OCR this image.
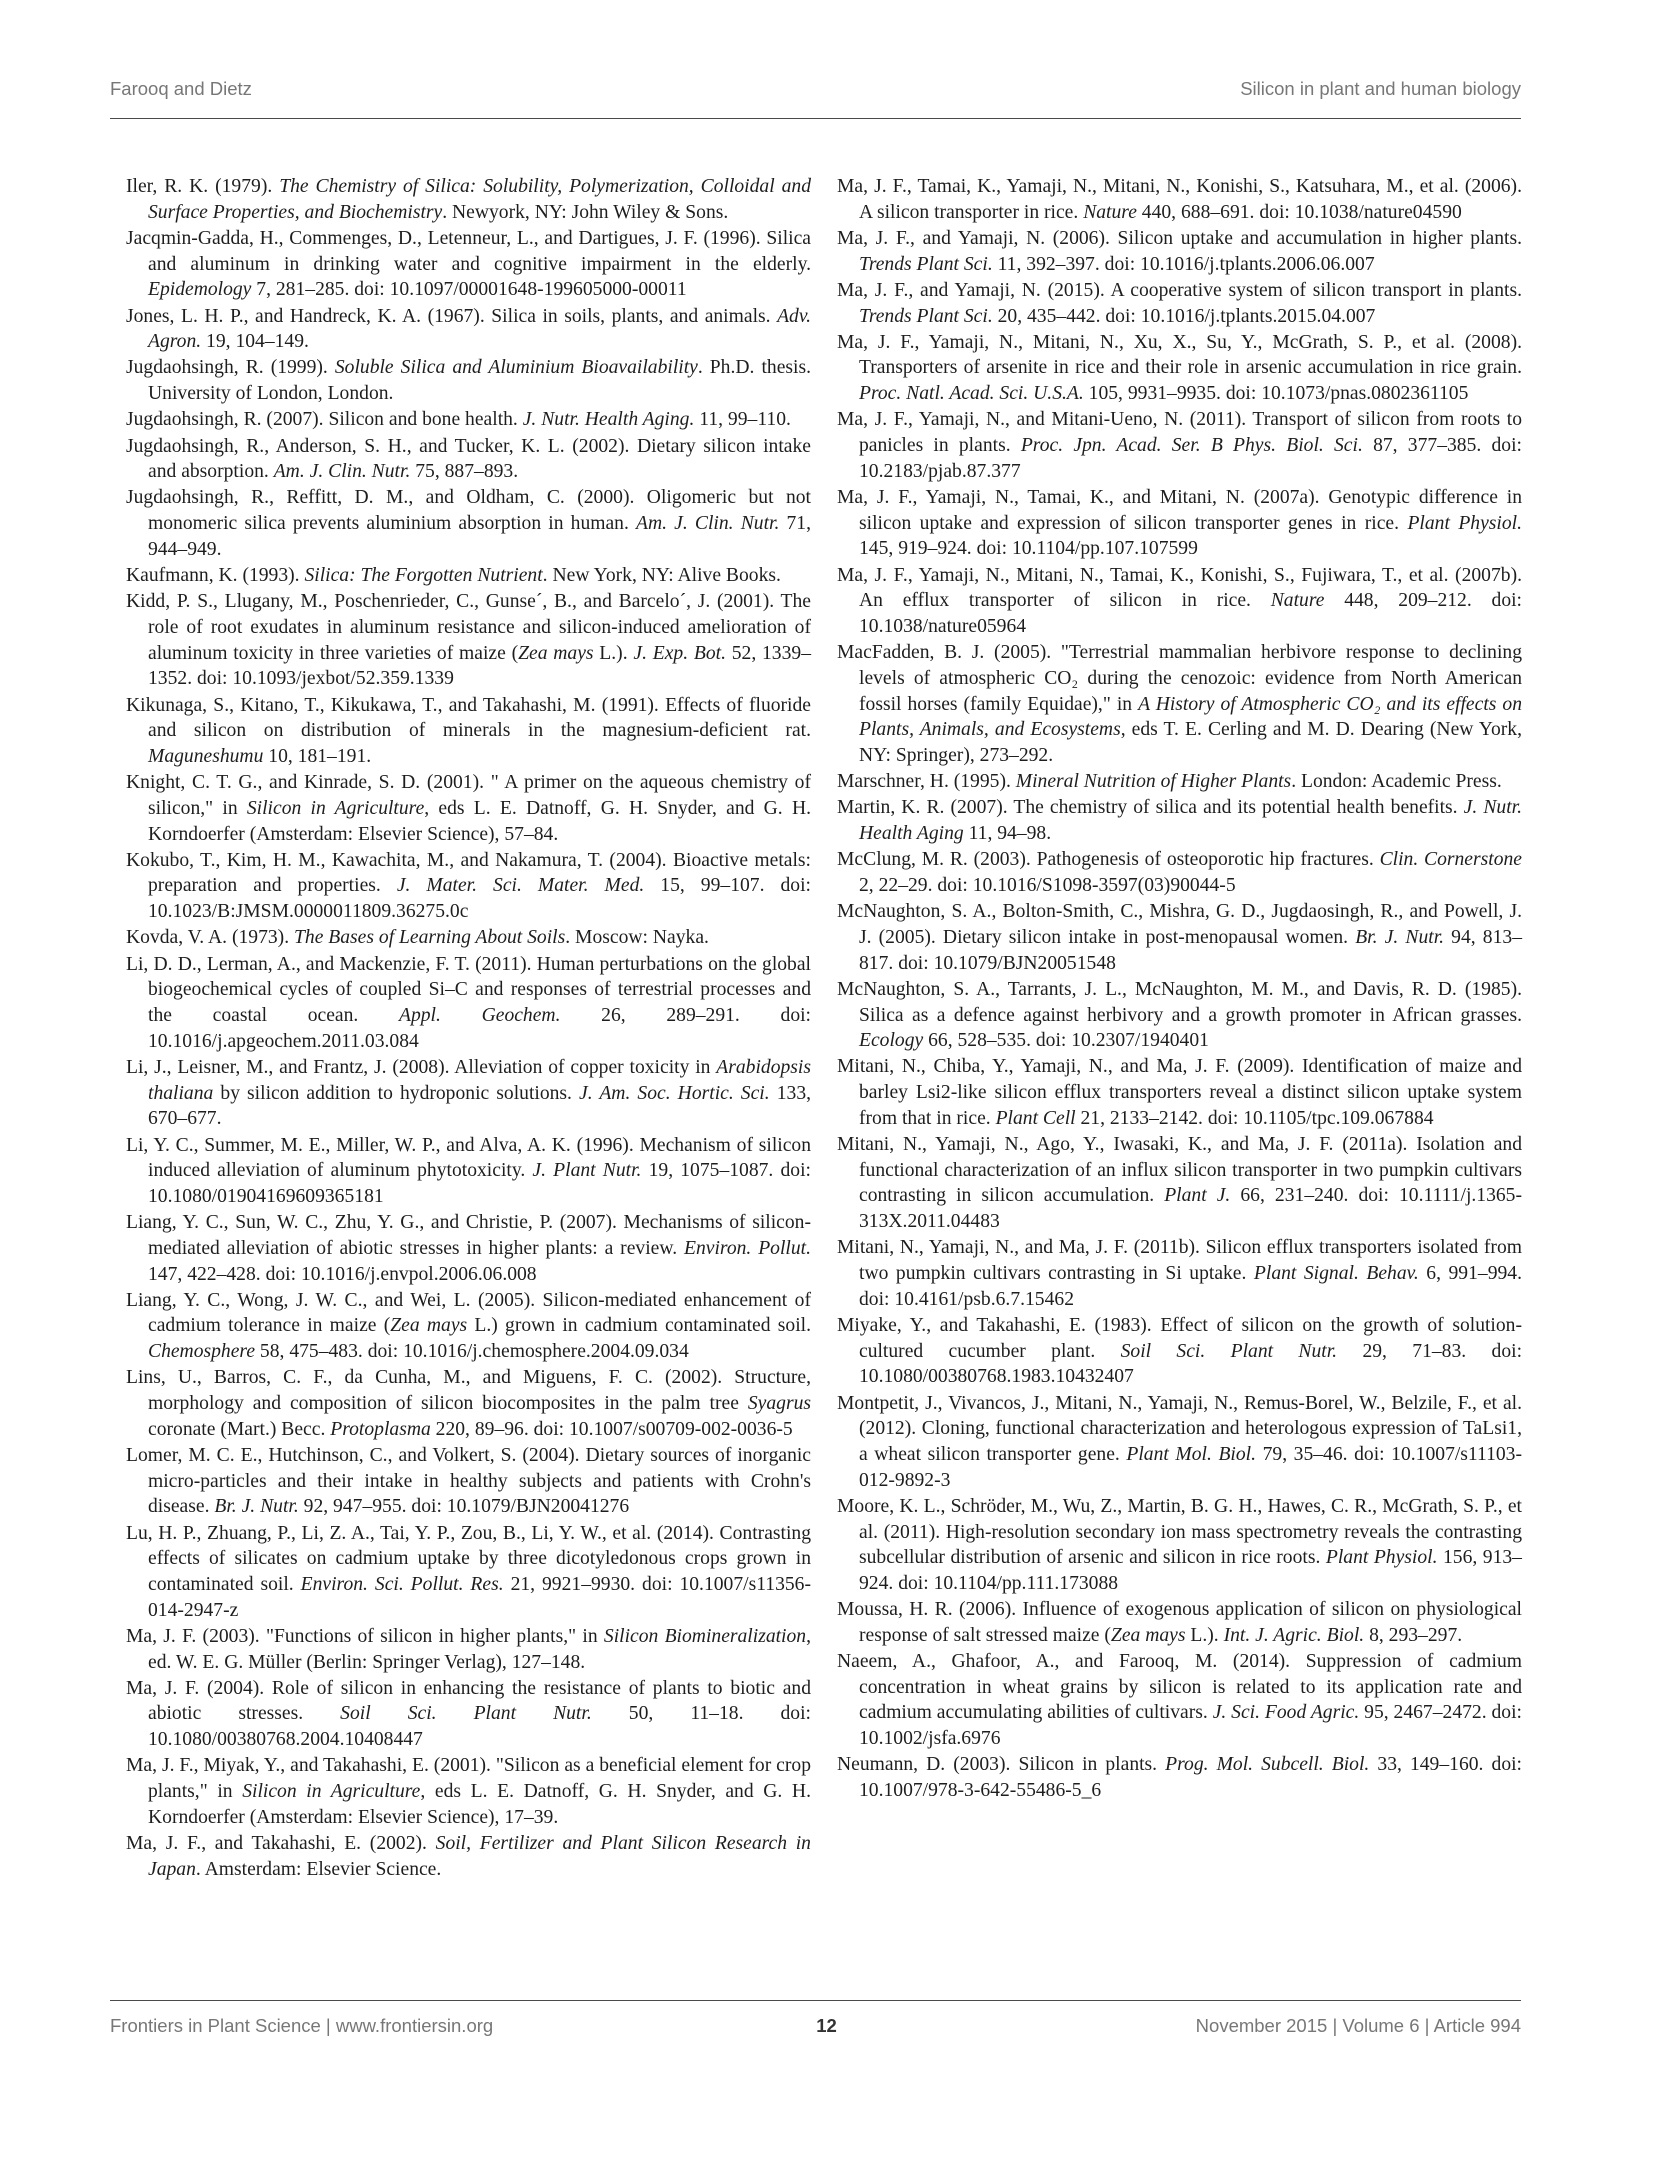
Farooq and Dietz	Silicon in plant and human biology
Iler, R. K. (1979). The Chemistry of Silica: Solubility, Polymerization, Colloidal and Surface Properties, and Biochemistry. Newyork, NY: John Wiley & Sons.
Jacqmin-Gadda, H., Commenges, D., Letenneur, L., and Dartigues, J. F. (1996). Silica and aluminum in drinking water and cognitive impairment in the elderly. Epidemology 7, 281–285. doi: 10.1097/00001648-199605000-00011
Jones, L. H. P., and Handreck, K. A. (1967). Silica in soils, plants, and animals. Adv. Agron. 19, 104–149.
Jugdaohsingh, R. (1999). Soluble Silica and Aluminium Bioavailability. Ph.D. thesis. University of London, London.
Jugdaohsingh, R. (2007). Silicon and bone health. J. Nutr. Health Aging. 11, 99–110.
Jugdaohsingh, R., Anderson, S. H., and Tucker, K. L. (2002). Dietary silicon intake and absorption. Am. J. Clin. Nutr. 75, 887–893.
Jugdaohsingh, R., Reffitt, D. M., and Oldham, C. (2000). Oligomeric but not monomeric silica prevents aluminium absorption in human. Am. J. Clin. Nutr. 71, 944–949.
Kaufmann, K. (1993). Silica: The Forgotten Nutrient. New York, NY: Alive Books.
Kidd, P. S., Llugany, M., Poschenrieder, C., Gunse´, B., and Barcelo´, J. (2001). The role of root exudates in aluminum resistance and silicon-induced amelioration of aluminum toxicity in three varieties of maize (Zea mays L.). J. Exp. Bot. 52, 1339–1352. doi: 10.1093/jexbot/52.359.1339
Kikunaga, S., Kitano, T., Kikukawa, T., and Takahashi, M. (1991). Effects of fluoride and silicon on distribution of minerals in the magnesium-deficient rat. Maguneshumu 10, 181–191.
Knight, C. T. G., and Kinrade, S. D. (2001). " A primer on the aqueous chemistry of silicon," in Silicon in Agriculture, eds L. E. Datnoff, G. H. Snyder, and G. H. Korndoerfer (Amsterdam: Elsevier Science), 57–84.
Kokubo, T., Kim, H. M., Kawachita, M., and Nakamura, T. (2004). Bioactive metals: preparation and properties. J. Mater. Sci. Mater. Med. 15, 99–107. doi: 10.1023/B:JMSM.0000011809.36275.0c
Kovda, V. A. (1973). The Bases of Learning About Soils. Moscow: Nayka.
Li, D. D., Lerman, A., and Mackenzie, F. T. (2011). Human perturbations on the global biogeochemical cycles of coupled Si–C and responses of terrestrial processes and the coastal ocean. Appl. Geochem. 26, 289–291. doi: 10.1016/j.apgeochem.2011.03.084
Li, J., Leisner, M., and Frantz, J. (2008). Alleviation of copper toxicity in Arabidopsis thaliana by silicon addition to hydroponic solutions. J. Am. Soc. Hortic. Sci. 133, 670–677.
Li, Y. C., Summer, M. E., Miller, W. P., and Alva, A. K. (1996). Mechanism of silicon induced alleviation of aluminum phytotoxicity. J. Plant Nutr. 19, 1075–1087. doi: 10.1080/01904169609365181
Liang, Y. C., Sun, W. C., Zhu, Y. G., and Christie, P. (2007). Mechanisms of silicon-mediated alleviation of abiotic stresses in higher plants: a review. Environ. Pollut. 147, 422–428. doi: 10.1016/j.envpol.2006.06.008
Liang, Y. C., Wong, J. W. C., and Wei, L. (2005). Silicon-mediated enhancement of cadmium tolerance in maize (Zea mays L.) grown in cadmium contaminated soil. Chemosphere 58, 475–483. doi: 10.1016/j.chemosphere.2004.09.034
Lins, U., Barros, C. F., da Cunha, M., and Miguens, F. C. (2002). Structure, morphology and composition of silicon biocomposites in the palm tree Syagrus coronate (Mart.) Becc. Protoplasma 220, 89–96. doi: 10.1007/s00709-002-0036-5
Lomer, M. C. E., Hutchinson, C., and Volkert, S. (2004). Dietary sources of inorganic micro-particles and their intake in healthy subjects and patients with Crohn's disease. Br. J. Nutr. 92, 947–955. doi: 10.1079/BJN20041276
Lu, H. P., Zhuang, P., Li, Z. A., Tai, Y. P., Zou, B., Li, Y. W., et al. (2014). Contrasting effects of silicates on cadmium uptake by three dicotyledonous crops grown in contaminated soil. Environ. Sci. Pollut. Res. 21, 9921–9930. doi: 10.1007/s11356-014-2947-z
Ma, J. F. (2003). "Functions of silicon in higher plants," in Silicon Biomineralization, ed. W. E. G. Müller (Berlin: Springer Verlag), 127–148.
Ma, J. F. (2004). Role of silicon in enhancing the resistance of plants to biotic and abiotic stresses. Soil Sci. Plant Nutr. 50, 11–18. doi: 10.1080/00380768.2004.10408447
Ma, J. F., Miyak, Y., and Takahashi, E. (2001). "Silicon as a beneficial element for crop plants," in Silicon in Agriculture, eds L. E. Datnoff, G. H. Snyder, and G. H. Korndoerfer (Amsterdam: Elsevier Science), 17–39.
Ma, J. F., and Takahashi, E. (2002). Soil, Fertilizer and Plant Silicon Research in Japan. Amsterdam: Elsevier Science.
Ma, J. F., Tamai, K., Yamaji, N., Mitani, N., Konishi, S., Katsuhara, M., et al. (2006). A silicon transporter in rice. Nature 440, 688–691. doi: 10.1038/nature04590
Ma, J. F., and Yamaji, N. (2006). Silicon uptake and accumulation in higher plants. Trends Plant Sci. 11, 392–397. doi: 10.1016/j.tplants.2006.06.007
Ma, J. F., and Yamaji, N. (2015). A cooperative system of silicon transport in plants. Trends Plant Sci. 20, 435–442. doi: 10.1016/j.tplants.2015.04.007
Ma, J. F., Yamaji, N., Mitani, N., Xu, X., Su, Y., McGrath, S. P., et al. (2008). Transporters of arsenite in rice and their role in arsenic accumulation in rice grain. Proc. Natl. Acad. Sci. U.S.A. 105, 9931–9935. doi: 10.1073/pnas.0802361105
Ma, J. F., Yamaji, N., and Mitani-Ueno, N. (2011). Transport of silicon from roots to panicles in plants. Proc. Jpn. Acad. Ser. B Phys. Biol. Sci. 87, 377–385. doi: 10.2183/pjab.87.377
Ma, J. F., Yamaji, N., Tamai, K., and Mitani, N. (2007a). Genotypic difference in silicon uptake and expression of silicon transporter genes in rice. Plant Physiol. 145, 919–924. doi: 10.1104/pp.107.107599
Ma, J. F., Yamaji, N., Mitani, N., Tamai, K., Konishi, S., Fujiwara, T., et al. (2007b). An efflux transporter of silicon in rice. Nature 448, 209–212. doi: 10.1038/nature05964
MacFadden, B. J. (2005). "Terrestrial mammalian herbivore response to declining levels of atmospheric CO₂ during the cenozoic: evidence from North American fossil horses (family Equidae)," in A History of Atmospheric CO₂ and its effects on Plants, Animals, and Ecosystems, eds T. E. Cerling and M. D. Dearing (New York, NY: Springer), 273–292.
Marschner, H. (1995). Mineral Nutrition of Higher Plants. London: Academic Press.
Martin, K. R. (2007). The chemistry of silica and its potential health benefits. J. Nutr. Health Aging 11, 94–98.
McClung, M. R. (2003). Pathogenesis of osteoporotic hip fractures. Clin. Cornerstone 2, 22–29. doi: 10.1016/S1098-3597(03)90044-5
McNaughton, S. A., Bolton-Smith, C., Mishra, G. D., Jugdaosingh, R., and Powell, J. J. (2005). Dietary silicon intake in post-menopausal women. Br. J. Nutr. 94, 813–817. doi: 10.1079/BJN20051548
McNaughton, S. A., Tarrants, J. L., McNaughton, M. M., and Davis, R. D. (1985). Silica as a defence against herbivory and a growth promoter in African grasses. Ecology 66, 528–535. doi: 10.2307/1940401
Mitani, N., Chiba, Y., Yamaji, N., and Ma, J. F. (2009). Identification of maize and barley Lsi2-like silicon efflux transporters reveal a distinct silicon uptake system from that in rice. Plant Cell 21, 2133–2142. doi: 10.1105/tpc.109.067884
Mitani, N., Yamaji, N., Ago, Y., Iwasaki, K., and Ma, J. F. (2011a). Isolation and functional characterization of an influx silicon transporter in two pumpkin cultivars contrasting in silicon accumulation. Plant J. 66, 231–240. doi: 10.1111/j.1365-313X.2011.04483
Mitani, N., Yamaji, N., and Ma, J. F. (2011b). Silicon efflux transporters isolated from two pumpkin cultivars contrasting in Si uptake. Plant Signal. Behav. 6, 991–994. doi: 10.4161/psb.6.7.15462
Miyake, Y., and Takahashi, E. (1983). Effect of silicon on the growth of solution-cultured cucumber plant. Soil Sci. Plant Nutr. 29, 71–83. doi: 10.1080/00380768.1983.10432407
Montpetit, J., Vivancos, J., Mitani, N., Yamaji, N., Remus-Borel, W., Belzile, F., et al. (2012). Cloning, functional characterization and heterologous expression of TaLsi1, a wheat silicon transporter gene. Plant Mol. Biol. 79, 35–46. doi: 10.1007/s11103-012-9892-3
Moore, K. L., Schröder, M., Wu, Z., Martin, B. G. H., Hawes, C. R., McGrath, S. P., et al. (2011). High-resolution secondary ion mass spectrometry reveals the contrasting subcellular distribution of arsenic and silicon in rice roots. Plant Physiol. 156, 913–924. doi: 10.1104/pp.111.173088
Moussa, H. R. (2006). Influence of exogenous application of silicon on physiological response of salt stressed maize (Zea mays L.). Int. J. Agric. Biol. 8, 293–297.
Naeem, A., Ghafoor, A., and Farooq, M. (2014). Suppression of cadmium concentration in wheat grains by silicon is related to its application rate and cadmium accumulating abilities of cultivars. J. Sci. Food Agric. 95, 2467–2472. doi: 10.1002/jsfa.6976
Neumann, D. (2003). Silicon in plants. Prog. Mol. Subcell. Biol. 33, 149–160. doi: 10.1007/978-3-642-55486-5_6
Frontiers in Plant Science | www.frontiersin.org	12	November 2015 | Volume 6 | Article 994
